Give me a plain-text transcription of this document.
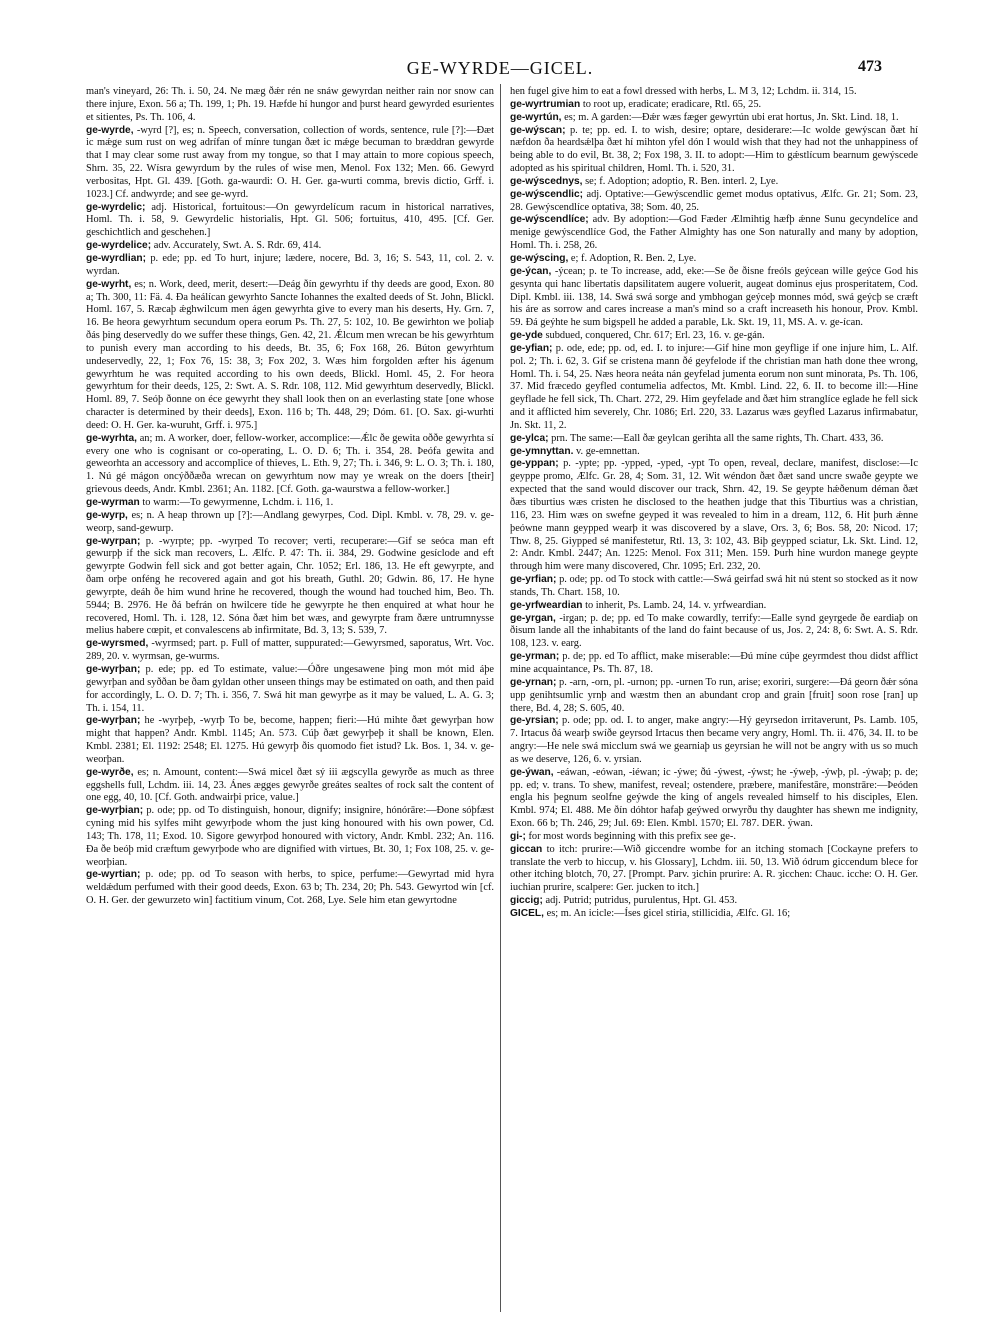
GE-WYRDE—GICEL.	473

man's vineyard, 26: Th. i. 50, 24. Ne mæg ðǽr rén ne snáw gewyrdan neither rain nor snow can there injure, Exon. 56 a; Th. 199, 1; Ph. 19. Hæfde hí hungor and þurst heard gewyrded esurientes et sitientes, Ps. Th. 106, 4.

ge-wyrde, -wyrd [?], es; n. Speech, conversation, collection of words, sentence, rule [?]:—Ðæt ic mǽge sum rust on weg adrífan of mínre tungan ðæt ic mǽge becuman to bræddran gewyrde that I may clear some rust away from my tongue, so that I may attain to more copious speech, Shrn. 35, 22. Wísra gewyrdum by the rules of wise men, Menol. Fox 132; Men. 66. Gewyrd verbositas, Hpt. Gl. 439. [Goth. ga-waurdi: O. H. Ger. ga-wurti comma, brevis dictio, Grff. i. 1023.] Cf. andwyrde; and see ge-wyrd.

ge-wyrdelic; adj. Historical, fortuitous:—On gewyrdelícum racum in historical narratives, Homl. Th. i. 58, 9. Gewyrdelic historialis, Hpt. Gl. 506; fortuitus, 410, 495. [Cf. Ger. geschichtlich and geschehen.]

ge-wyrdelice; adv. Accurately, Swt. A. S. Rdr. 69, 414.

ge-wyrdlian; p. ede; pp. ed To hurt, injure; lædere, nocere, Bd. 3, 16; S. 543, 11, col. 2. v. wyrdan.

ge-wyrht, es; n. Work, deed, merit, desert:—Deág ðín gewyrhtu if thy deeds are good, Exon. 80 a; Th. 300, 11: Fä. 4. Ða heálícan gewyrhto Sancte Iohannes the exalted deeds of St. John, Blickl. Homl. 167, 5. Ræcaþ ǽghwilcum men ágen gewyrhta give to every man his deserts, Hy. Grn. 7, 16. Be heora gewyrhtum secundum opera eorum Ps. Th. 27, 5: 102, 10. Be gewirhton we þoliaþ ðás þing deservedly do we suffer these things, Gen. 42, 21. Ǽlcum men wrecan be his gewyrhtum to punish every man according to his deeds, Bt. 35, 6; Fox 168, 26. Búton gewyrhtum undeservedly, 22, 1; Fox 76, 15: 38, 3; Fox 202, 3. Wæs him forgolden æfter his ágenum gewyrhtum he was requited according to his own deeds, Blickl. Homl. 45, 2. For heora gewyrhtum for their deeds, 125, 2: Swt. A. S. Rdr. 108, 112. Mid gewyrhtum deservedly, Blickl. Homl. 89, 7. Seóþ ðonne on éce gewyrht they shall look then on an everlasting state [one whose character is determined by their deeds], Exon. 116 b; Th. 448, 29; Dóm. 61. [O. Sax. gi-wurhti deed: O. H. Ger. ka-wuruht, Grff. i. 975.]

ge-wyrhta, an; m. A worker, doer, fellow-worker, accomplice:—Ǽlc ðe gewita oððe gewyrhta sí every one who is cognisant or co-operating, L. O. D. 6; Th. i. 354, 28. Þeófa gewita and geweorhta an accessory and accomplice of thieves, L. Eth. 9, 27; Th. i. 346, 9: L. O. 3; Th. i. 180, 1. Nú gé mágon oncýððæða wrecan on gewyrhtum now may ye wreak on the doers [their] grievous deeds, Andr. Kmbl. 2361; An. 1182. [Cf. Goth. ga-waurstwa a fellow-worker.]

ge-wyrman to warm:—To gewyrmenne, Lchdm. i. 116, 1.

ge-wyrp, es; n. A heap thrown up [?]:—Andlang gewyrpes, Cod. Dipl. Kmbl. v. 78, 29. v. ge-weorp, sand-gewurp.

ge-wyrpan; p. -wyrpte; pp. -wyrped To recover; verti, recuperare:—Gif se seóca man eft gewurpþ if the sick man recovers, L. Ælfc. P. 47: Th. ii. 384, 29. Godwine gesíclode and eft gewyrpte Godwin fell sick and got better again, Chr. 1052; Erl. 186, 13. He eft gewyrpte, and ðam orþe onféng he recovered again and got his breath, Guthl. 20; Gdwin. 86, 17. He hyne gewyrpte, deáh ðe him wund hrine he recovered, though the wound had touched him, Beo. Th. 5944; B. 2976. He ðá befrán on hwilcere tíde he gewyrpte he then enquired at what hour he recovered, Homl. Th. i. 128, 12. Sóna ðæt him bet wæs, and gewyrpte fram ðære untrumnysse melius habere cœpit, et convalescens ab infirmitate, Bd. 3, 13; S. 539, 7.

ge-wyrsmed, -wyrmsed; part. p. Full of matter, suppurated:—Gewyrsmed, saporatus, Wrt. Voc. 289, 20. v. wyrmsan, ge-wurms.

ge-wyrþan; p. ede; pp. ed To estimate, value:—Óðre ungesawene þing mon mót mid áþe gewyrþan and syððan be ðam gyldan other unseen things may be estimated on oath, and then paid for accordingly, L. O. D. 7; Th. i. 356, 7. Swá hit man gewyrþe as it may be valued, L. A. G. 3; Th. i. 154, 11.

ge-wyrþan; he -wyrþeþ, -wyrþ To be, become, happen; fieri:—Hú mihte ðæt gewyrþan how might that happen? Andr. Kmbl. 1145; An. 573. Cúþ ðæt gewyrþeþ it shall be known, Elen. Kmbl. 2381; El. 1192: 2548; El. 1275. Hú gewyrþ ðis quomodo fiet istud? Lk. Bos. 1, 34. v. ge-weorþan.

ge-wyrðe, es; n. Amount, content:—Swá micel ðæt sý iii ægscylla gewyrðe as much as three eggshells full, Lchdm. iii. 14, 23. Ánes ægges gewyrðe greátes sealtes of rock salt the content of one egg, 40, 10. [Cf. Goth. andwairþi price, value.]

ge-wyrþian; p. ode; pp. od To distinguish, honour, dignify; insignire, hónórāre:—Ðone sóþfæst cyning mid his sylfes miht gewyrþode whom the just king honoured with his own power, Cd. 143; Th. 178, 11; Exod. 10. Sigore gewyrþod honoured with victory, Andr. Kmbl. 232; An. 116. Ða ðe beóþ mid cræftum gewyrþode who are dignified with virtues, Bt. 30, 1; Fox 108, 25. v. ge-weorþian.

ge-wyrtian; p. ode; pp. od To season with herbs, to spice, perfume:—Gewyrtad mid hyra weldǽdum perfumed with their good deeds, Exon. 63 b; Th. 234, 20; Ph. 543. Gewyrtod wín [cf. O. H. Ger. der gewurzeto win] factitium vinum, Cot. 268, Lye. Sele him etan gewyrtodne

hen fugel give him to eat a fowl dressed with herbs, L. M 3, 12; Lchdm. ii. 314, 15.

ge-wyrtrumian to root up, eradicate; eradicare, Rtl. 65, 25.

ge-wyrtún, es; m. A garden:—Ðǽr wæs fæger gewyrtún ubi erat hortus, Jn. Skt. Lind. 18, 1.

ge-wýscan; p. te; pp. ed. I. to wish, desire; optare, desiderare:—Ic wolde gewýscan ðæt hí næfdon ða heardsǽlþa ðæt hí mihton yfel dón I would wish that they had not the unhappiness of being able to do evil, Bt. 38, 2; Fox 198, 3. II. to adopt:—Him to gǽstlícum bearnum gewýscede adopted as his spiritual children, Homl. Th. i. 520, 31.

ge-wýscednys, se; f. Adoption; adoptio, R. Ben. interl. 2, Lye.

ge-wýscendlic; adj. Optative:—Gewýscendlic gemet modus optativus, Ælfc. Gr. 21; Som. 23, 28. Gewýscendlíce optativa, 38; Som. 40, 25.

ge-wýscendlíce; adv. By adoption:—God Fæder Ælmihtig hæfþ ǽnne Sunu gecyndelíce and menige gewýscendlíce God, the Father Almighty has one Son naturally and many by adoption, Homl. Th. i. 258, 26.

ge-wýscing, e; f. Adoption, R. Ben. 2, Lye.

ge-ýcan, -ýcean; p. te To increase, add, eke:—Se ðe ðisne freóls geýcean wille geýce God his gesynta qui hanc libertatis dapsilitatem augere voluerit, augeat dominus ejus prosperitatem, Cod. Dipl. Kmbl. iii. 138, 14. Swá swá sorge and ymbhogan geýceþ monnes mód, swá geýcþ se cræft his áre as sorrow and cares increase a man's mind so a craft increaseth his honour, Prov. Kmbl. 59. Ðá geýhte he sum bigspell he added a parable, Lk. Skt. 19, 11, MS. A. v. ge-ícan.

ge-yde subdued, conquered, Chr. 617; Erl. 23, 16. v. ge-gán.

ge-yfian; p. ode, ede; pp. od, ed. I. to injure:—Gif hine mon geyflige if one injure him, L. Alf. pol. 2; Th. i. 62, 3. Gif se cristena mann ðé geyfelode if the christian man hath done thee wrong, Homl. Th. i. 54, 25. Næs heora neáta nán geyfelad jumenta eorum non sunt minorata, Ps. Th. 106, 37. Mid fræcedo geyfled contumelia adfectos, Mt. Kmbl. Lind. 22, 6. II. to become ill:—Hine geyflade he fell sick, Th. Chart. 272, 29. Him geyfelade and ðæt him stranglíce eglade he fell sick and it afflicted him severely, Chr. 1086; Erl. 220, 33. Lazarus wæs geyfled Lazarus infirmabatur, Jn. Skt. 11, 2.

ge-ylca; prn. The same:—Eall ðæ geylcan gerihta all the same rights, Th. Chart. 433, 36.

ge-ymnyttan. v. ge-emnettan.

ge-yppan; p. -ypte; pp. -ypped, -yped, -ypt To open, reveal, declare, manifest, disclose:—Ic geyppe promo, Ælfc. Gr. 28, 4; Som. 31, 12. Wit wéndon ðæt ðæt sand uncre swaðe geypte we expected that the sand would discover our track, Shrn. 42, 19. Se geypte hǽðenum déman ðæt ðæs tiburtius wæs cristen he disclosed to the heathen judge that this Tiburtius was a christian, 116, 23. Him wæs on swefne geyped it was revealed to him in a dream, 112, 6. Hit þurh ǽnne þeówne mann geypped wearþ it was discovered by a slave, Ors. 3, 6; Bos. 58, 20: Nicod. 17; Thw. 8, 25. Giypped sé manifestetur, Rtl. 13, 3: 102, 43. Biþ geypped sciatur, Lk. Skt. Lind. 12, 2: Andr. Kmbl. 2447; An. 1225: Menol. Fox 311; Men. 159. Þurh hine wurdon manege geypte through him were many discovered, Chr. 1095; Erl. 232, 20.

ge-yrfian; p. ode; pp. od To stock with cattle:—Swá geirfad swá hit nú stent so stocked as it now stands, Th. Chart. 158, 10.

ge-yrfweardian to inherit, Ps. Lamb. 24, 14. v. yrfweardian.

ge-yrgan, -irgan; p. de; pp. ed To make cowardly, terrify:—Ealle synd geyrgede ðe eardiaþ on ðisum lande all the inhabitants of the land do faint because of us, Jos. 2, 24: 8, 6: Swt. A. S. Rdr. 108, 123. v. earg.

ge-yrman; p. de; pp. ed To afflict, make miserable:—Ðú míne cúþe geyrmdest thou didst afflict mine acquaintance, Ps. Th. 87, 18.

ge-yrnan; p. -arn, -orn, pl. -urnon; pp. -urnen To run, arise; exoriri, surgere:—Ðá georn ðǽr sóna upp genihtsumlic yrnþ and wæstm then an abundant crop and grain [fruit] soon rose [ran] up there, Bd. 4, 28; S. 605, 40.

ge-yrsian; p. ode; pp. od. I. to anger, make angry:—Hý geyrsedon irritaverunt, Ps. Lamb. 105, 7. Irtacus ðá wearþ swíðe geyrsod Irtacus then became very angry, Homl. Th. ii. 476, 34. II. to be angry:—He nele swá micclum swá we gearniaþ us geyrsian he will not be angry with us so much as we deserve, 126, 6. v. yrsian.

ge-ýwan, -eáwan, -eówan, -iéwan; ic -ýwe; ðú -ýwest, -ýwst; he -ýweþ, -ýwþ, pl. -ýwaþ; p. de; pp. ed; v. trans. To shew, manifest, reveal; ostendere, præbere, manifestāre, monstrāre:—Þeóden engla his þegnum seolfne geýwde the king of angels revealed himself to his disciples, Elen. Kmbl. 974; El. 488. Me ðín dóhtor hafaþ geýwed orwyrðu thy daughter has shewn me indignity, Exon. 66 b; Th. 246, 29; Jul. 69: Elen. Kmbl. 1570; El. 787. DER. ýwan.

gi-; for most words beginning with this prefix see ge-.

giccan to itch: prurire:—Wið giccendre wombe for an itching stomach [Cockayne prefers to translate the verb to hiccup, v. his Glossary], Lchdm. iii. 50, 13. Wið ódrum giccendum blece for other itching blotch, 70, 27. [Prompt. Parv. ȝichin prurire: A. R. ȝicchen: Chauc. icche: O. H. Ger. iuchian prurire, scalpere: Ger. jucken to itch.]

giccig; adj. Putrid; putridus, purulentus, Hpt. Gl. 453.

GICEL, es; m. An icicle:—Íses gicel stiria, stillicidia, Ælfc. Gl. 16;
